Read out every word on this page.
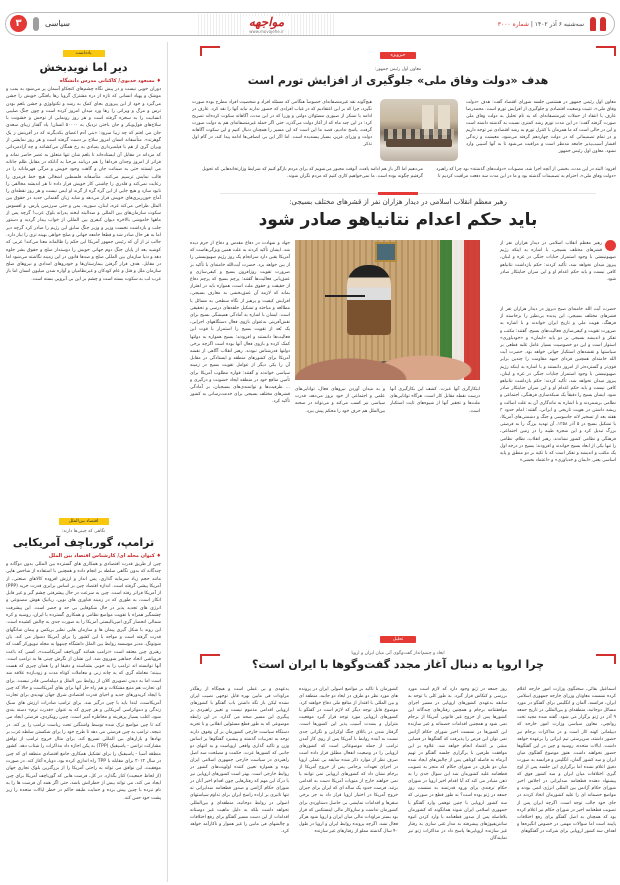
سه‌شنبه ۶ آذر ۱۴۰۲ | شماره ۳۰۰۰
مواجهه
www.movajehe.ir
۳	سیاسی
یادداشت
دیر اما نویدبخش
♦ مسعود خدیوی/ کاکتانی مدرس دانشگاه
دوران خوبی نیست و در پیش نگاه چشم‌های کنجکاو آسمان پر می‌شود به بمب و موشک و پهپاد انسانی که تازه از دره مشترک گرویا رها یافتگی خویش را جشن می‌گیرد و خود از این پیروزی بجای کمک به رشد و تکنولوژی و جشن بلغم بودن ترس و مرگ و ویرانی را رها ورد میدان امروز کرده است و چون جنگ صلیبی انسانیت را به سخره گرفته است و هر روز رونمایی از توحش و خشونت با سلاح‌های فول‌ویکر و جان باختن نزدیک به ۵۰۰۰۰ انسان! یاد گفتار زیبای سعدی جان می افتم که چه زیبا سرود: «بنی آدم اعضای یکدیگرند که در آفرینش ز یک گوهرند». متأسفانه انسان امروز سلاح بر دست گرفته است و هر روز نمایشی از ویران گری از هم با فیلمبرداری یمیادی به رخ همگان می‌کشانند و چه آزادمردانی که مردانه در مقابل آن ایستاده‌اند تا بلغم شان تنها متعلق به عصر حاضر نماند و فراتر از امروز وجدان فرداها را هم دریابند مرحبا به آنانکه در مقابل ظلم جانانه می ایستند حتی به ضمانت جان و گاهت وجود خویش و مرگی قهرمانانه را در قالب نمایش ترسیم می‌کنند. متأسفانه فلسطین اشغالی هیچ خط قرمزی را رعایت نمی‌کند و قلدری را چاشنی کار خویش قرار داده تا هر اندیشه مخالفی را نابود سازد و هیچ جایی از این گره گره از گزند او ایمن نیست و هر روز نقطه‌ای را آماج خون‌ریزی‌های خویش قرار می‌دهد و شاید زبان گفتمانی جدید در حقوق بین الملل طراحی می‌کند غزه، لبنان، سوریه، یمن و حتی سرزمین پارس. و افسوس سکوت سازمان‌های بین المللی و صدالبته لبخند پدرانه بلوک غرب! گرچه پس از ماهها خاموشی بالاخره دیوان کیفری بین المللی از خواب بیدار گردید و دستور جلب و بازداشت نخست وزیر و وزیر جنگ سابق این رژیم را صادر کرد گرچه دیر اما به هر حال صادر شد و قطعا جامعه جهانی و صلح خواهی بهینه تری را نیاز دارد. جالب تر از آن که رئیس جمهور آمریکا این حکم را ظالمانه معنا می‌کند! غربی که کوشید بعد از پایان جنگ دوم جهانی خویش را دوستدار صلح و حقوق بشر جلوه دهد و دنیا سازمان بین المللی صلح و صدها قانون در این زمینه نگاشته می‌شود اما در مقابل. هدف قرار گرفتن بیمارستان‌ها و خودروهای امدادی و نیروهای صلح سازمان ملل و قتل و عام کودکان و غیرنظامیان و آواره شدن میلیون انسان اما باز غرب لب به سکوت بسته است و چشم بر این بی آبرویی بسته است.
اقتصاد بین‌الملل
نگاهی که چینی‌ها دارند:
ترامپ، گورباچف آمریکایی
♦ کیوان محله ای/ کارشناس اقتصاد بین الملل
چین از طریق قدرت اقتصادی و همکاری های گسترده بین المللی بدون دوگانه و چندگانه که بدون نگاهی سلطه بر انجام داده و همچنین با استفاده از شاخص هایی مانند حجم زیاد سرمایه گذاری، پس انداز و ارزش افزوده کالاهای صنعتی، از آمریکا پیشی گرفته است. اندازه اقتصاد چین بر اساس برابری قدرت خرید (PPP) از آمریکا فراتر رفته است. چین به سرعت در حال پیشرفتی چشم گیر و غیر قابل انکار است، به طوری که در زمینه فناوری های نوین، رباتیک هوش مصنوعی و انرژی های تجدید پذیر در حال شکوفایی بی حد و حصر است. این پیشرفت چشمگیر همراه با تقویت مواضع نظامی و همکاری گسترده با ایران، روسیه و کره شمالی انحصار گری امپریالیستی آمریکا را به صورت جدی به چالش کشیده است. این روند با شکل گیری پیمان ها و سازمان هایی نظیر بریکس و پیمان شانگهای قدرت گرفته است و مواجه با این کشور را برای آمریکا دشوار می کند. یان شوتونگ، مدیر موسسه روابط بین الملل دانشگاه چینهوا به مجله نیویورکر گفت که رهبری چین معتقد است «ترامپ همانند گورباچف آمریکاست»، کسی که باعث فروپاشی اتحاد جماهیر شوروی شد. این نشان از نگرش چینی ها به ترامپ است. آنها توانسته اند ترامپ را به خوبی بشناسند و دقیقا او را همان چیزی که هست ببینند؛ معامله گری که به چانه زنی و معاملات کوتاه مدت و زودبازده علاقه مند است اما به دیدن تصویری کلان از روابط بین الملل و دیپلماسی قادر نیست. برای او، تجارت هم منبع مشکلات و هم راه حل آنها برای بقای آمریکاست و حالا که چین با ایجاد کریدورهای جدید و احیای قدرت اقتصادی شرق جهان تهدیدی برای تجارت آمریکاست، ابتدا باید با چین درگیر شد. برای ترامپ صادرات ارزش های سبک زندگی و دموکراسی آمریکایی و هر چیزی که به عنوان «قدرت نرم» دسته بندی شود، اغلب بسیار پرهزینه و مخاطره آمیز است. چنین رویکردی، فرصتی ایجاد می کند تا چین مواضع ترک شده توسط واشنگتن تحت ریاست ترامپ را پر کند. در نتیجه، ترامپ به چین فرصتی می دهد تا طرح خود را برای شکستن سلطه غرب بر نهادها و بازارهای بین المللی تسریع کند. برای مثال خروج ترامپ از توافق مشارکت ترانس - پاسیفیک (TPP) به پکن اجازه داد مذاکرات را شتاب دهد. کشور منطقه آسیا - پاسیفیک را برای تشکیل همکاری جامع اقتصادی منطقه ای که چین در سال ۲۰۱۲ برای مقابله با TPP راه اندازی کرده بود، دوباره آغاز کند. در صورت موفقیت، این توافق می تواند به راحتی آمریکا را از بزرگترین بلوک تجاری جهان (از لحاظ جمعیت) کنار بگذارد. در کل، فرصت هایی که گورباچف آمریکا برای چین ایجاد می کند، می تواند بیش از خطراتش باشد، حتی اگر همه آن فرصت ها را به نام نبرده با چنین پیش برده و حمایت طبقه حاکم در خطر ایالات متحده را زیر پشت خود حس کند.
خبرویژه
معاون اول رئیس جمهور:
هدف «دولت وفاق ملی» جلوگیری از افزایش تورم است
معاون اول رئیس جمهور در هشتمین جلسه شورای اقتصاد گفت: هدف «دولت وفاق ملی»، تثبیت وضعیت اقتصادی و جلوگیری از افزایش تورم است. محمدرضا عارف با انتقاد از حملات غیرمنصفانه‌ای که به نام تحلیل به دولت وفاق ملی صورت گرفته گفت: در این مدت تورم رشد کمتری نسبت به گذشته داشته است و این در حالی است که ما همزمان با کنترل تورم به رشد اقتصادی نیز توجه داریم و در تمام تصمیماتی که در دولت چهاردهم گرفته می‌شود، معیشت و زندگی اقشار آسیب‌پذیر جامعه مدنظر است و مراقبت می‌شود تا به آنها آسیبی وارد نشود. معاون اول رئیس جمهور
هیچ‌گونه نقد غیرمنصفانه‌ای خصوصاً هنگامی که مسئله افراد و شخصیت افراد مطرح بوده صورت نگیرد، چرا که بر این اعتقادیم که در غیاب افرادی که حضور ندارند نباید آنها را نقد کرد. عارف در ادامه با تشکر از صبوری مسئولان دولتی و وزرا که در این مدت، آگاهانه سکوت کرده‌اند تصریح کرد: در این چند ماه که از آغاز دولت می‌گذرد، حتی اگر حمله غیرمنصفانه‌ای هم به دولت صورت گرفت، پاسخ ندادیم، قصد ما این است که این مسیر را همچنان دنبال کنیم و این سکوت آگاهانه دولت و وزرای عزیز، بسیار پسندیده است. اما اگر این بی انصافی‌ها ادامه پیدا کند، در گام اول تذکر
افزود: البته در این مدت، بخشی از آنچه اجرا شد، مصوبات «دولت‌های گذشته» بود چرا که راهبرد «دولت وفاق ملی»، احترام به تصمیمات گذشته بود و ما در این مدت سه دفعت مراقبت کردیم تا
می‌دهیم اما اگر باز هم ادامه یافت، آنوقت مجبور می‌شویم که برای مردم بازگو کنیم که شرایط وزارتخانه‌هایی که تحویل گرفتیم چگونه بوده است. ما نمی‌خواهیم کاری کنیم که مردم نگران شوند.
رهبر معظم انقلاب اسلامی در دیدار هزاران نفر از قشرهای مختلف بسیجی:
باید حکم اعدام نتانیاهو صادر شود
رهبر معظم انقلاب اسلامی در دیدار هزاران نفر از قشرهای مختلف بسیجی، با اشاره به اینکه رژیم صهیونیستی با وجود استمرار جنایات جنگی در غزه و لبنان، پیروز میدان نخواهد شد، تأکید کردند: حکم بازداشت نتانیاهو کافی نیست و باید حکم اعدام او و این سران جنایتکار صادر شود.
حضرت آیت الله خامنه‌ای صبح دیروز در دیدار هزاران نفر از قشرهای مختلف بسیجی، این پدیده بی‌نظیر را برخاسته از فرهنگ، هویت ملی و تاریخ ایران خواندند و با اشاره به ضرورت تقویت و کیفی‌سازی فعالیت‌های بسیج، گفتند: مکتب و تفکر و اندیشه بسیجی بر دو پایه «ایمان» و «خودباوری» استوار است و این دو خصوصیت بسیار عامل غلبه قطعی بر سیاستها و نقشه‌های استکبار جهانی خواهد بود. حضرت آیت الله خامنه‌ای همچنین فردای جبهه مقاومت را چندین برابر قوی‌تر و گسترده‌تر از امروز دانستند و با اشاره به اینکه رژیم صهیونیستی با وجود استمرار جنایات جنگی در غزه و لبنان، پیروز میدان نخواهد شد، تأکید کردند: حکم بازداشت نتانیاهو کافی نیست و باید حکم اعدام او و این سران جنایتکار صادر شود. ایشان بسیج را دقیقاً یک شبکه‌سازی فرهنگی، اجتماعی و نظامی برشمردند و با اشاره به ماندگاری آن به علت اصالت و ریشه داشتن در هویت تاریخی و ایرانی، گفتند: امام حدود ۳ هفته بعد از تسخیر لانه جاسوسی و جنگ و دشمنی‌های آمریکا، با تشکیل بسیج در ۵ آذر ۱۳۵۸، آن تهدید بزرگ را به فرصتی بزرگ تبدیل کرد و این شجره طیبه را در زمین اجتماعی، فرهنگی و نظامی کشور نشاندند. رهبر انقلاب، نظام، نظامی را تنها یکی از ابعاد بسیج خواندند و افزودند: بسیج در درجه اول یک مکتب و اندیشه و تفکر است که با تکیه بر دو منطق و پایه اساسی یعنی «ایمان و خدباوری» و «اعتماد بخشی»
ابتکارگری آنها عبرت. کشف این بکارگیری آنها درست نقطه مقابل کار است. هرگاه توانایی‌های ملت‌ها و تحقیر آنها از شیوه‌های ثابت استکبار است.
و به میدان آوردن نیروهای فعال، توانایی‌های علمی و اجتماعی از خود بروز می‌دهد، قدرت سیاسی نیز کسب می‌کند و می‌تواند در صحنه بین‌الملل هم حرف خود را محکم پیش ببرد.
جهاد و شهادت در دفاع مقدس و دفاع از حرم دیده شد. ایشان تأکید کردند به علت همین ویژگی‌هاست که آمریکا یقین دارد سرانجام یک روز رژیم صهیونیستی را از بین خواهد برد. حضرت آیت‌الله خامنه‌ای با تأکید بر ضرورت تقویت روزافزون بسیج و کیفی‌سازی و عمق‌یابی فعالیت‌ها گفتند: پرچم بسیج که پرچم دفاع از حقیقت و حقوق ملت است، همواره باید در اهتزاز بماند که لازمه آن عمق‌بخشی به معارف بسیجی، افزایش کیفیت و پرهیز از نگاه سطحی به مسائل با مطالعه و مباحثه و تشکیل حلقه‌های درسی و تحقیقی است. ایشان با اشاره به آمادگی همیشگی بسیج برای نقش‌آفرینی به‌عنوان بازوی فعال دستگاههای اجرایی، یک بُعد از تقویت بسیج را استمرار با قوت این فعالیت‌ها دانستند و افزودند: بسیج همواره به دولتها کمک کرده و بازوی فعال آنها بوده است اگرچه برخی دولتها قدرشناس نبودند. رهبر انقلاب آگاهی از نقشه آمریکا برای کشورهای منطقه و ایستادگی در مقابل آن را یکی دیگر از عوامل تقویت بسیج در زمینه سیاسی خواندند و گفتند: قواره مطلوب آمریکا برای تأمین منافع خود در منطقه ایجاد خشونت و درگیری و ... ظرفیت‌ها و توانمندی‌های بسیجیان، بر آمادگی قشرهای مختلف بسیجی برای خدمت‌رسانی به کشور تأکید کرد.
تحلیل
ابعاد و چشم‌انداز گفت‌وگوی آتی میان ایران و اروپا
چرا اروپا به دنبال آغاز مجدد گفت‌وگوها با ایران است؟
اسماعیل بقائی، سخنگوی وزارت امور خارجه اعلام کرده نشست معاونان وزرای خارجه جمهوری اسلامی ایران، فرانسه، آلمان و انگلیس برای گفتگو در مورد مسائل دوجانبه، منطقه‌ای و بین‌المللی در تاریخ جمعه ۹ آذر در ژنو برگزار می شود. گفته شده مجید تخت روانچی، معاون سیاسی وزارت امور خارجه که دیپلماتی کهنه کار است و در مذاکرات برجام نیز حضور داشته، سرپرستی تیم ایرانی را برعهده خواهد داشت. ایالات متحده، روسیه و چین در این گفتگوها حضور نخواهند داشت. هنوز موضوع گفتگوی میان ایران و سه کشور آلمان، انگلیس و فرانسه به صورت دقیق اعلام نشده اما برگزاری این جلسه پس از اوج گیری اختلافات میان ایران و سه کشور فوق که پیشنهاد دهنده قطعنامه ضدایرانی در اجلاس اخیر شورای حکام آژانس بین المللی انرژی اتمی بودند و مواضع خصمانه ای را علیه کشورمان اتخاذ کردند در جای خود جالب توجه است. اگرچه ایران پس از تصویب قطعنامه اخیر در شورای حکام نیز اعلام کرده بود که همچنان به اصل گفتگو برای رفع اختلافات پایبند است اما سوالات مهمی در خصوص انگیزه‌ها و اهداف سه کشور اروپایی برای شرکت در گفتگوهای
روز جمعه در ژنو وجود دارد که لازم است مورد بررسی و کنکاش قرار گیرد. به طور کلی با توجه به سابقه بدعهدی کشورهای اروپایی در مسیر اجرای موافقتنامه برجام و همچنین رفتارهای چندگانه این کشورها پس از خروج غیر قانونی آمریکا از برجام نمی شود و همچنین اقدامات خصمانه و غیر سازنده این کشورها در نشست اخیر شورای حکام آژانس نمی توان این فرض را پذیرفت که گفتگوها در فضایی مبتنی بر اعتماد انجام خواهد شد. علاوه بر این موافقت طرفین با برگزاری جلسه گفتگو در تهیم آنرماه به فاصله کوتاهی پس از چالش‌های ایجاد شده میان دو طرف در شورای حکام که منجر به تصویب قطعنامه علیه کشورمان شد این سوال جدی را به ذهن متبادر می کند که آیا اقدام اخیر اروپا در شورای حکام ترفندی برای ورود قدرتمند به نشست روز جمعه در ژنو بوده است؟ به طور قطع در صورتی که سه کشور اروپایی با چنین توهمی وارد گفتگو با جمهوری اسلامی ایران شوند همانگونه که کشورمان بلافاصله پس از صدور قطعنامه با وارد کردن انبوه سانتریفیوژهای پیشرفته به مدار غنی سازی به رفتار غیر سازنده اروپایی‌ها پاسخ داد در مذاکرات ژنو نیز نمایندگان
کشورمان با تاکید بر مواضع اصولی ایران در پرونده های مورد نظر دو طرف در ابعاد دو جانبه، منطقه ای و بین المللی با اقتدار از منافع ملی دفاع خواهند کرد. موضوع قابل توجه دیگر که لازم است در گفتگو با کشورهای اروپایی مورد توجه قرار گیرد موقعیت متزلزل و بشدت آسیب پذیر این کشورها است. گرفتار شدن در باتلاق جنگ اوکراین و نگرانی جدی نسبت به آینده روابط با آمریکا پس از روی کار آمدن ترامپ از جمله موضوعاتی است که کشورهای اروپایی را در وضعیت انفعال مطلق قرار داده است صرف نظر از موارد ذکر شده سابقه بی عملی اروپا در اجرای تعهدات برجامی پس از خروج آمریکا از برجام نشان داد که کشورهای اروپایی نمی توانند یا نمی خواهند خارج از منویات آمریکا دست به اقدامی بزنند. فرصت حدود یک ساله ای که ایران برای جبران خروج آمریکا در اختیار اروپا قرار داد به جز برخی سفرها و اقدامات نمایشی بی حاصل دستاوردی برای کشورمان نداشت و سازوکار مالی اینستکس که قرار بود بستر مراودات مالی میان ایران و اروپا شود هرگز فعال نشد. اگرچه پرونده روابط ایران و اروپا در طول ۴۰ سال گذشته مملو از رفتارهای غیر سازنده
بدعهدی و بی عملی است و هیچگاه از رهگذر مراودات فی مابین بهره قابل توجهی نصیب ایران نشده لیکن باز نگه داشتن باب گفتگو با کشورهای اروپایی اقدامی مذموم نیست و تغییر راهبردی بر پیگیری این مسیر صحه می گذارد. در این رابطه موضوعی که به طور قطع مسئولین انقلابی و با تجربه دستگاه سیاست خارجی کشورمان بر آن وقوف دارند توجه به تجربیات گذشته و پیشبرد گفتگوها بر اساس وزن و تاکید گذاری واقعی اروپاست و به انتهای دو جانبی که کشورها عزت، حکمت و مصلحت سه اصل راهبردی در سیاست خارجی جمهوری اسلامی ایران بوده و همواره تعیین کننده اولویت‌های کشور در روابط خارجی است. بهتر است کشورهای اروپایی نیز با درک این مهم که رفتارهایی چون اقدام اخیر آنان در شورای حکام آژانس و صدور قطعنامه ضدایرانی نه تنها تاثیری بر اراده راسخ ایران برای تداوم سیاستهای اصولی در روابط دوجانبه، منطقه‌ای و بین‌المللی نخواهد داشت بلکه به دلیل ماهیت غیر دوستانه اقدامات از این دست مسیر گفتگو برای رفع اختلافات و چالشهای فی مابین را غیر هموار و ناکارآمد خواهد کرد.
